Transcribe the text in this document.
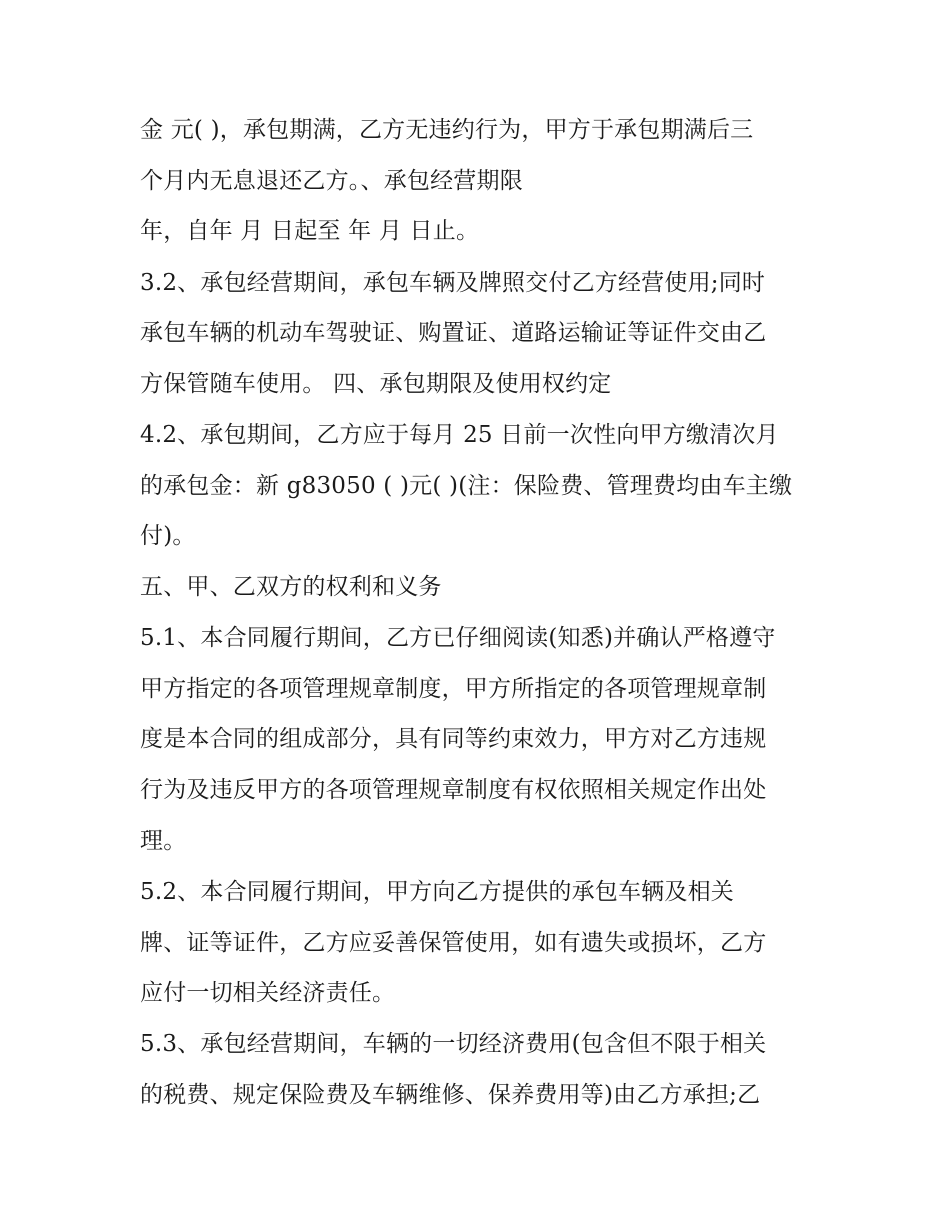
金 元( )，承包期满，乙方无违约行为，甲方于承包期满后三
个月内无息退还乙方。、承包经营期限
年，自年 月 日起至 年 月 日止。
3.2、承包经营期间，承包车辆及牌照交付乙方经营使用;同时
承包车辆的机动车驾驶证、购置证、道路运输证等证件交由乙
方保管随车使用。 四、承包期限及使用权约定
4.2、承包期间，乙方应于每月 25 日前一次性向甲方缴清次月
的承包金：新 g83050 ( )元( )(注：保险费、管理费均由车主缴
付)。
五、甲、乙双方的权利和义务
5.1、本合同履行期间，乙方已仔细阅读(知悉)并确认严格遵守
甲方指定的各项管理规章制度，甲方所指定的各项管理规章制
度是本合同的组成部分，具有同等约束效力，甲方对乙方违规
行为及违反甲方的各项管理规章制度有权依照相关规定作出处
理。
5.2、本合同履行期间，甲方向乙方提供的承包车辆及相关
牌、证等证件，乙方应妥善保管使用，如有遗失或损坏，乙方
应付一切相关经济责任。
5.3、承包经营期间，车辆的一切经济费用(包含但不限于相关
的税费、规定保险费及车辆维修、保养费用等)由乙方承担;乙
